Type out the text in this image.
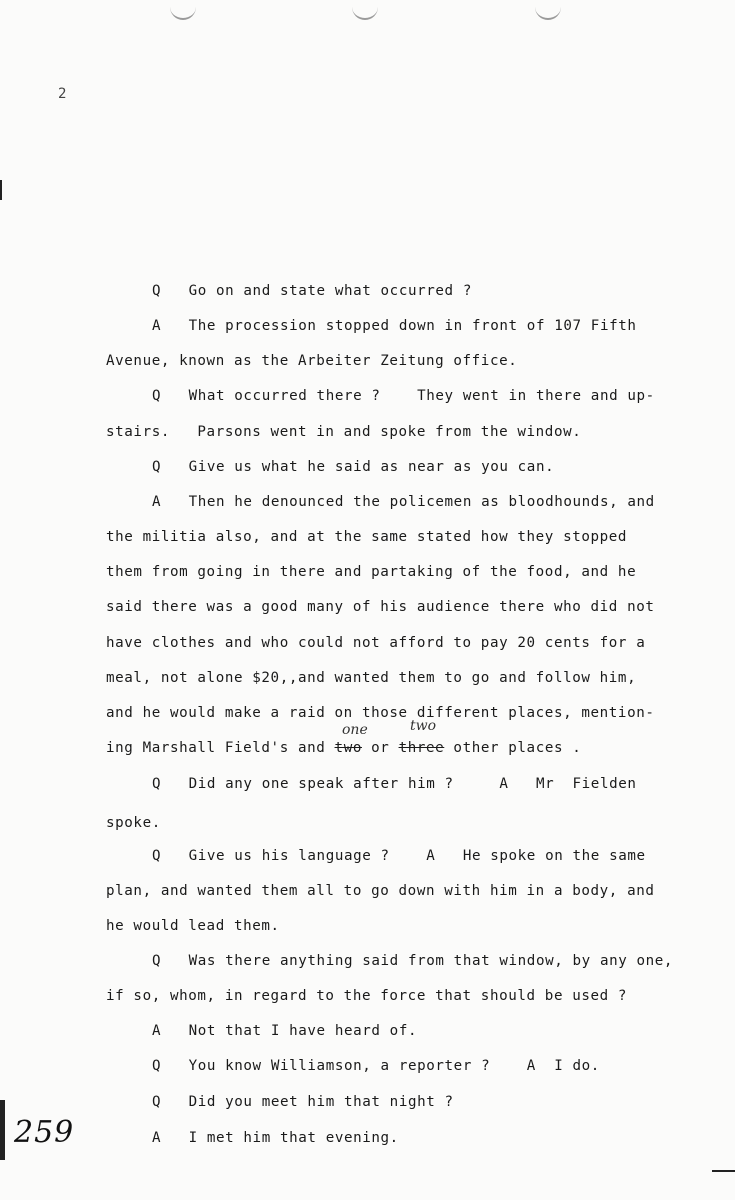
2
Q   Go on and state what occurred ?
A   The procession stopped down in front of 107 Fifth
Avenue, known as the Arbeiter Zeitung office.
Q   What occurred there ?    They went in there and up-
stairs.   Parsons went in and spoke from the window.
Q   Give us what he said as near as you can.
A   Then he denounced the policemen as bloodhounds, and
the militia also, and at the same stated how they stopped
them from going in there and partaking of the food, and he
said there was a good many of his audience there who did not
have clothes and who could not afford to pay 20 cents for a
meal, not alone $20,,and wanted them to go and follow him,
and he would make a raid on those different places, mention-
ing Marshall Field's and two or three other places .
one	two
Q   Did any one speak after him ?     A   Mr  Fielden
spoke.
Q   Give us his language ?    A   He spoke on the same
plan, and wanted them all to go down with him in a body, and
he would lead them.
Q   Was there anything said from that window, by any one,
if so, whom, in regard to the force that should be used ?
A   Not that I have heard of.
Q   You know Williamson, a reporter ?    A  I do.
Q   Did you meet him that night ?
A   I met him that evening.
259
